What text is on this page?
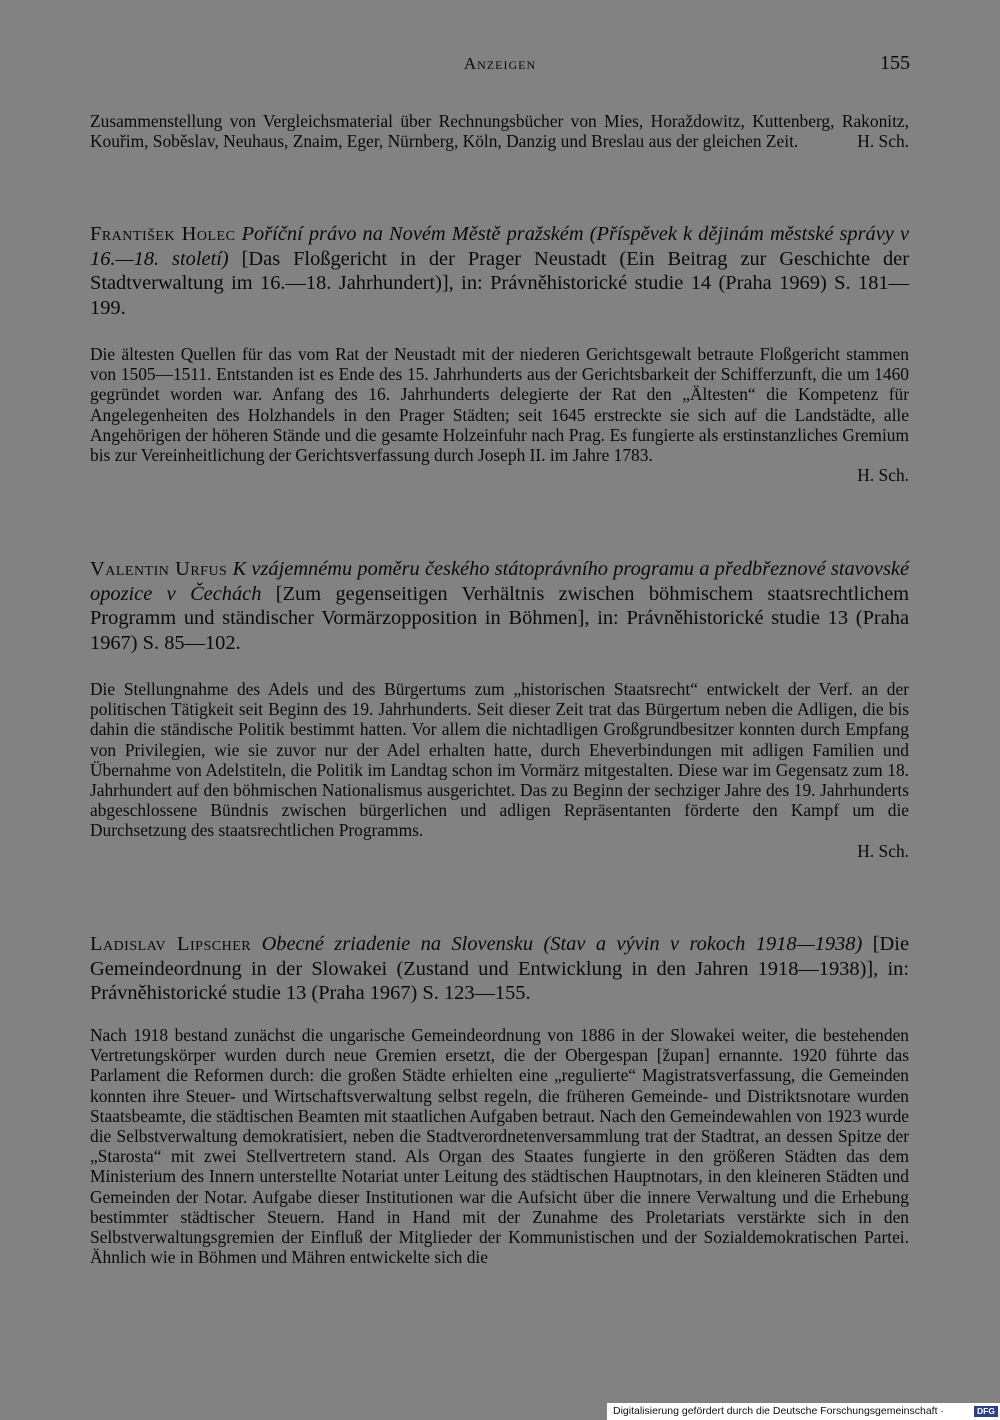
Anzeigen	155

Zusammenstellung von Vergleichsmaterial über Rechnungsbücher von Mies, Horaždowitz, Kuttenberg, Rakonitz, Kouřim, Soběslav, Neuhaus, Znaim, Eger, Nürnberg, Köln, Danzig und Breslau aus der gleichen Zeit.	H. Sch.

František Holec Poříční právo na Novém Městě pražském (Příspěvek k dějinám městské správy v 16.—18. století) [Das Floßgericht in der Prager Neustadt (Ein Beitrag zur Geschichte der Stadtverwaltung im 16.—18. Jahrhundert)], in: Právněhistorické studie 14 (Praha 1969) S. 181—199.

Die ältesten Quellen für das vom Rat der Neustadt mit der niederen Gerichtsgewalt betraute Floßgericht stammen von 1505—1511. Entstanden ist es Ende des 15. Jahrhunderts aus der Gerichtsbarkeit der Schifferzunft, die um 1460 gegründet worden war. Anfang des 16. Jahrhunderts delegierte der Rat den „Ältesten“ die Kompetenz für Angelegenheiten des Holzhandels in den Prager Städten; seit 1645 erstreckte sie sich auf die Landstädte, alle Angehörigen der höheren Stände und die gesamte Holzeinfuhr nach Prag. Es fungierte als erstinstanzliches Gremium bis zur Vereinheitlichung der Gerichtsverfassung durch Joseph II. im Jahre 1783.

H. Sch.

Valentin Urfus K vzájemnému poměru českého státoprávního programu a předbřeznové stavovské opozice v Čechách [Zum gegenseitigen Verhältnis zwischen böhmischem staatsrechtlichem Programm und ständischer Vormärzopposition in Böhmen], in: Právněhistorické studie 13 (Praha 1967) S. 85—102.

Die Stellungnahme des Adels und des Bürgertums zum „historischen Staatsrecht“ entwickelt der Verf. an der politischen Tätigkeit seit Beginn des 19. Jahrhunderts. Seit dieser Zeit trat das Bürgertum neben die Adligen, die bis dahin die ständische Politik bestimmt hatten. Vor allem die nichtadligen Großgrundbesitzer konnten durch Empfang von Privilegien, wie sie zuvor nur der Adel erhalten hatte, durch Eheverbindungen mit adligen Familien und Übernahme von Adelstiteln, die Politik im Landtag schon im Vormärz mitgestalten. Diese war im Gegensatz zum 18. Jahrhundert auf den böhmischen Nationalismus ausgerichtet. Das zu Beginn der sechziger Jahre des 19. Jahrhunderts abgeschlossene Bündnis zwischen bürgerlichen und adligen Repräsentanten förderte den Kampf um die Durchsetzung des staatsrechtlichen Programms.

H. Sch.

Ladislav Lipscher Obecné zriadenie na Slovensku (Stav a vývin v rokoch 1918—1938) [Die Gemeindeordnung in der Slowakei (Zustand und Entwicklung in den Jahren 1918—1938)], in: Právněhistorické studie 13 (Praha 1967) S. 123—155.

Nach 1918 bestand zunächst die ungarische Gemeindeordnung von 1886 in der Slowakei weiter, die bestehenden Vertretungskörper wurden durch neue Gremien ersetzt, die der Obergespan [župan] ernannte. 1920 führte das Parlament die Reformen durch: die großen Städte erhielten eine „regulierte“ Magistratsverfassung, die Gemeinden konnten ihre Steuer- und Wirtschaftsverwaltung selbst regeln, die früheren Gemeinde- und Distriktsnotare wurden Staatsbeamte, die städtischen Beamten mit staatlichen Aufgaben betraut. Nach den Gemeindewahlen von 1923 wurde die Selbstverwaltung demokratisiert, neben die Stadtverordnetenversammlung trat der Stadtrat, an dessen Spitze der „Starosta“ mit zwei Stellvertretern stand. Als Organ des Staates fungierte in den größeren Städten das dem Ministerium des Innern unterstellte Notariat unter Leitung des städtischen Hauptnotars, in den kleineren Städten und Gemeinden der Notar. Aufgabe dieser Institutionen war die Aufsicht über die innere Verwaltung und die Erhebung bestimmter städtischer Steuern. Hand in Hand mit der Zunahme des Proletariats verstärkte sich in den Selbstverwaltungsgremien der Einfluß der Mitglieder der Kommunistischen und der Sozialdemokratischen Partei. Ähnlich wie in Böhmen und Mähren entwickelte sich die

Digitalisierung gefördert durch die Deutsche Forschungsgemeinschaft ·	DFG
